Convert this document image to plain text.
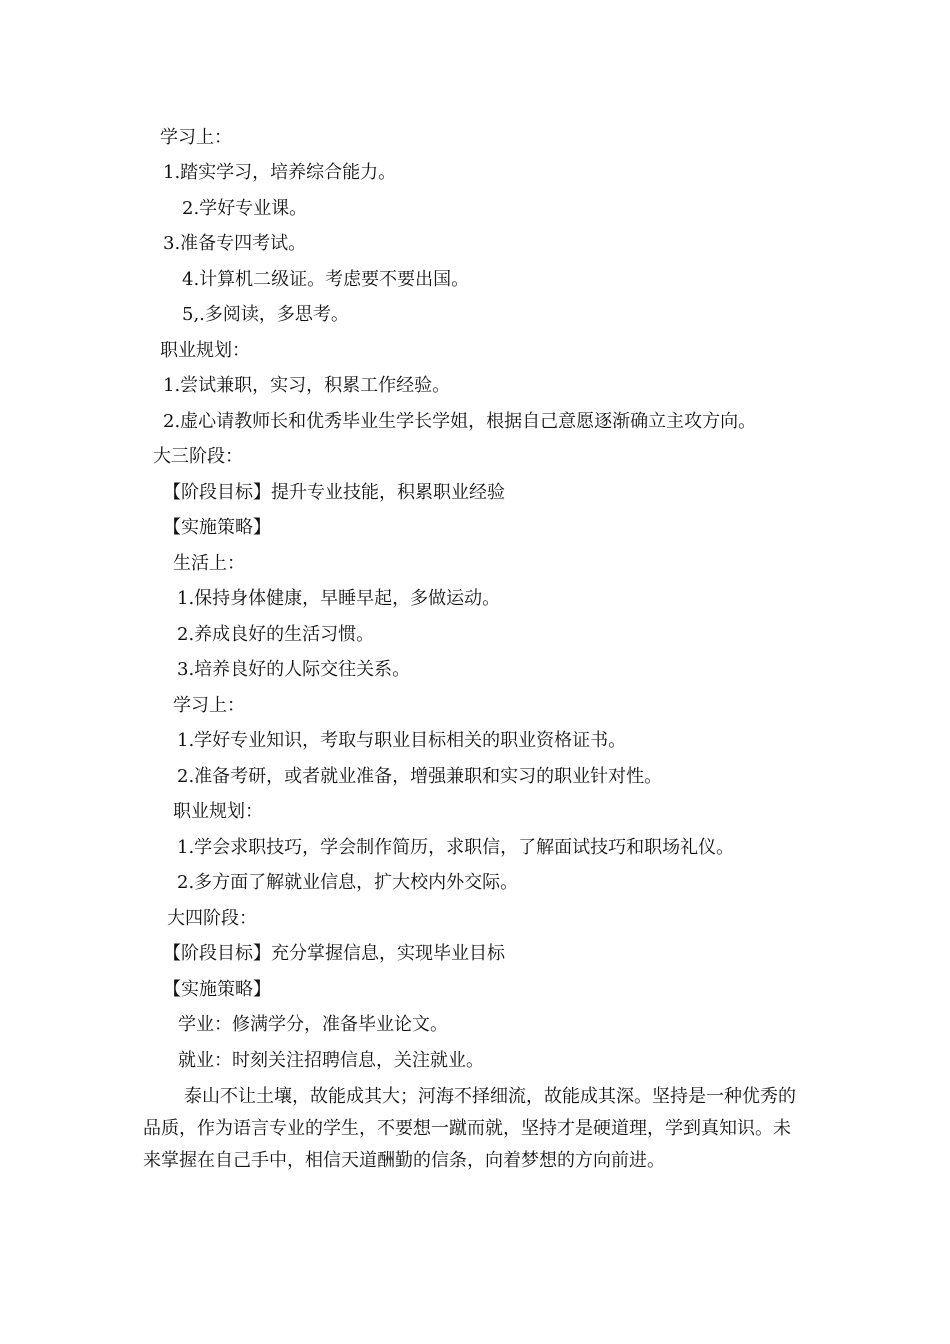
学习上：
1.踏实学习，培养综合能力。
2.学好专业课。
3.准备专四考试。
4.计算机二级证。考虑要不要出国。
5,.多阅读，多思考。
职业规划：
1.尝试兼职，实习，积累工作经验。
2.虚心请教师长和优秀毕业生学长学姐，根据自己意愿逐渐确立主攻方向。
大三阶段：
【阶段目标】提升专业技能，积累职业经验
【实施策略】
生活上：
1.保持身体健康，早睡早起，多做运动。
2.养成良好的生活习惯。
3.培养良好的人际交往关系。
学习上：
1.学好专业知识，考取与职业目标相关的职业资格证书。
2.准备考研，或者就业准备，增强兼职和实习的职业针对性。
职业规划：
1.学会求职技巧，学会制作简历，求职信，了解面试技巧和职场礼仪。
2.多方面了解就业信息，扩大校内外交际。
大四阶段：
【阶段目标】充分掌握信息，实现毕业目标
【实施策略】
学业：修满学分，准备毕业论文。
就业：时刻关注招聘信息，关注就业。
泰山不让土壤，故能成其大；河海不择细流，故能成其深。坚持是一种优秀的
品质，作为语言专业的学生，不要想一蹴而就，坚持才是硬道理，学到真知识。未
来掌握在自己手中，相信天道酬勤的信条，向着梦想的方向前进。
